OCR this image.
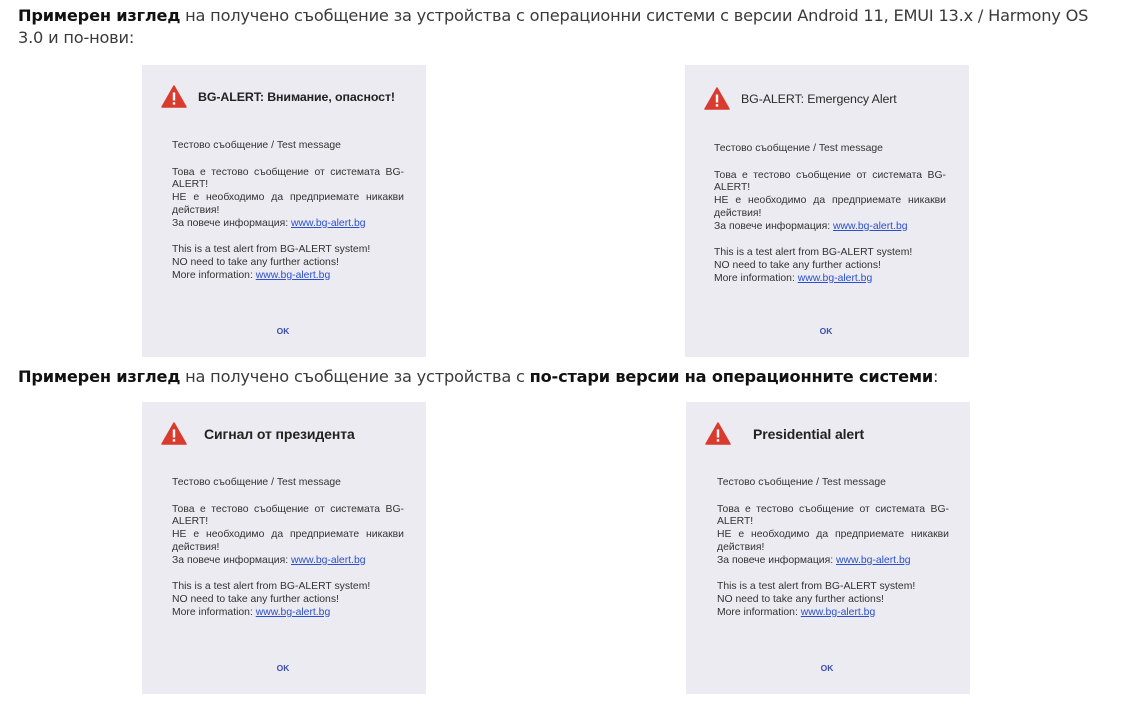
Примерен изглед на получено съобщение за устройства с операционни системи с версии Android 11, EMUI 13.x / Harmony OS 3.0 и по-нови:
Примерен изглед на получено съобщение за устройства с по-стари версии на операционните системи:
BG-ALERT: Внимание, опасност!

Тестово съобщение / Test message

Това е тестово съобщение от системата BG-ALERT!
НЕ е необходимо да предприемате никакви действия!
За повече информация: www.bg-alert.bg

This is a test alert from BG-ALERT system!
NO need to take any further actions!
More information: www.bg-alert.bg

OK
BG-ALERT: Emergency Alert

Тестово съобщение / Test message

Това е тестово съобщение от системата BG-ALERT!
НЕ е необходимо да предприемате никакви действия!
За повече информация: www.bg-alert.bg

This is a test alert from BG-ALERT system!
NO need to take any further actions!
More information: www.bg-alert.bg

OK
Сигнал от президента

Тестово съобщение / Test message

Това е тестово съобщение от системата BG-ALERT!
НЕ е необходимо да предприемате никакви действия!
За повече информация: www.bg-alert.bg

This is a test alert from BG-ALERT system!
NO need to take any further actions!
More information: www.bg-alert.bg

OK
Presidential alert

Тестово съобщение / Test message

Това е тестово съобщение от системата BG-ALERT!
НЕ е необходимо да предприемате никакви действия!
За повече информация: www.bg-alert.bg

This is a test alert from BG-ALERT system!
NO need to take any further actions!
More information: www.bg-alert.bg

OK
